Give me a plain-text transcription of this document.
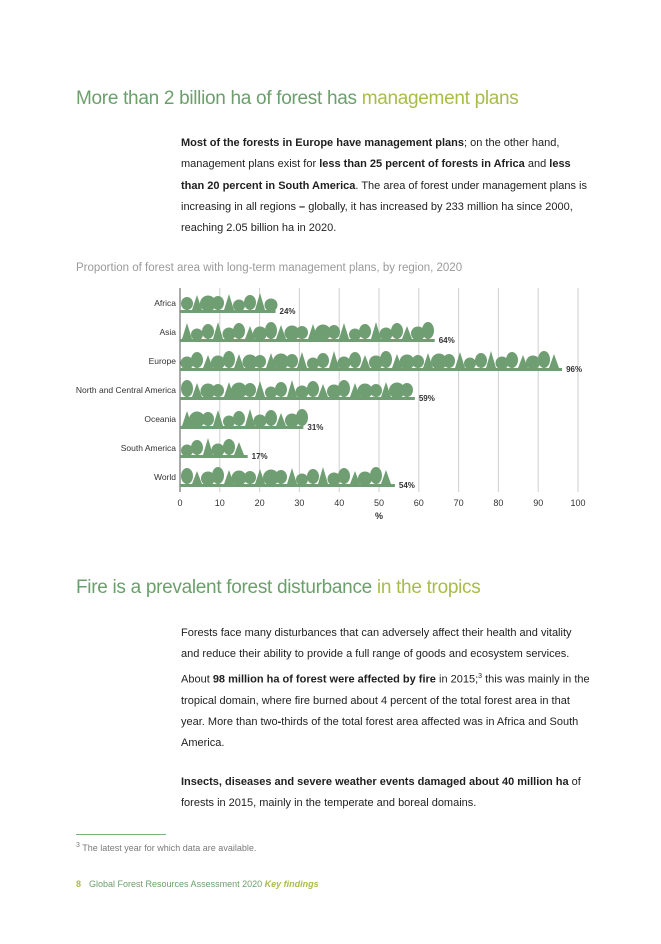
More than 2 billion ha of forest has management plans

Most of the forests in Europe have management plans; on the other hand, management plans exist for less than 25 percent of forests in Africa and less than 20 percent in South America. The area of forest under management plans is increasing in all regions – globally, it has increased by 233 million ha since 2000, reaching 2.05 billion ha in 2020.

Proportion of forest area with long-term management plans, by region, 2020
0	10	20	30	40	50	60	70	80	90	100
%
Africa
24%
Asia
64%
Europe
96%
North and Central America
59%
Oceania
31%
South America
17%
World
54%
Fire is a prevalent forest disturbance in the tropics

Forests face many disturbances that can adversely affect their health and vitality and reduce their ability to provide a full range of goods and ecosystem services. About 98 million ha of forest were affected by fire in 2015;$^3$ this was mainly in the tropical domain, where fire burned about 4 percent of the total forest area in that year. More than two-thirds of the total forest area affected was in Africa and South America.

Insects, diseases and severe weather events damaged about 40 million ha of forests in 2015, mainly in the temperate and boreal domains.

$^3$ The latest year for which data are available.

8 Global Forest Resources Assessment 2020 Key findings
